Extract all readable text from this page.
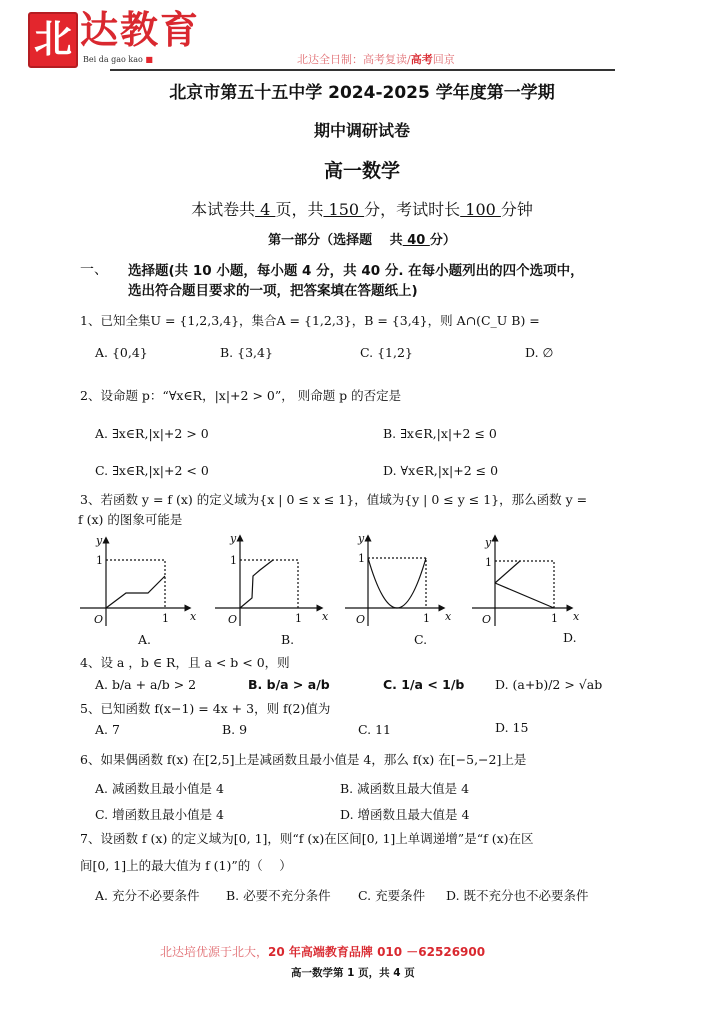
北 达教育
Bei da gao kao ■	北达全日制：高考复读/高考回京
北京市第五十五中学 2024-2025 学年度第一学期
期中调研试卷
高一数学
本试卷共 4 页，共 150 分，考试时长 100 分钟
第一部分（选择题　 共 40 分）
一、 选择题(共 10 小题，每小题 4 分，共 40 分. 在每小题列出的四个选项中，
选出符合题目要求的一项，把答案填在答题纸上)
1、已知全集U = {1,2,3,4}，集合A = {1,2,3}，B = {3,4}，则 A∩(C_U B) =
A. {0,4}	B. {3,4}	C. {1,2}	D. ∅
2、设命题 p：“∀x∈R，|x|+2 > 0”， 则命题 p 的否定是
A. ∃x∈R,|x|+2 > 0	B. ∃x∈R,|x|+2 ≤ 0
C. ∃x∈R,|x|+2 < 0	D. ∀x∈R,|x|+2 ≤ 0
3、若函数 y = f (x) 的定义域为{x | 0 ≤ x ≤ 1}，值域为{y | 0 ≤ y ≤ 1}，那么函数 y =
f (x) 的图象可能是
y
1
O	1 x
y
1
O	1 x
y
1
O	1 x
y
1
O	1 x
A.	B.	C.	D.
4、设 a ，b ∈ R，且 a < b < 0，则
A. b/a + a/b > 2	B. b/a > a/b	C. 1/a < 1/b D. (a+b)/2 > √ab
5、已知函数 f(x−1) = 4x + 3，则 f(2)值为
A. 7	B. 9	C. 11	D. 15
6、如果偶函数 f(x) 在[2,5]上是减函数且最小值是 4，那么 f(x) 在[−5,−2]上是
A. 减函数且最小值是 4	B. 减函数且最大值是 4
C. 增函数且最小值是 4	D. 增函数且最大值是 4
7、设函数 f (x) 的定义域为[0, 1]，则“f (x)在区间[0, 1]上单调递增”是“f (x)在区
间[0, 1]上的最大值为 f (1)”的（　 ）
A. 充分不必要条件 B. 必要不充分条件 C. 充要条件 D. 既不充分也不必要条件
北达培优源于北大，20 年高端教育品牌 010 －62526900
高一数学第 1 页，共 4 页
